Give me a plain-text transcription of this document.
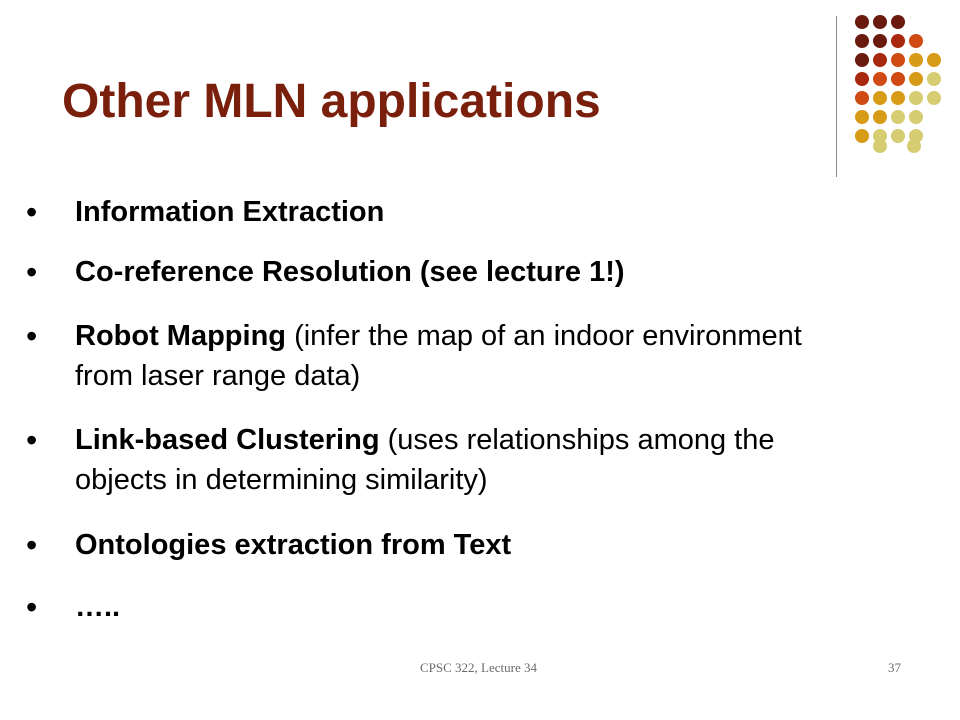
Other MLN applications
• Information Extraction
• Co-reference Resolution (see lecture 1!)
• Robot Mapping (infer the map of an indoor environment from laser range data)
• Link-based Clustering (uses relationships among the objects in determining similarity)
• Ontologies extraction from Text
• …..
CPSC 322, Lecture 34	37
